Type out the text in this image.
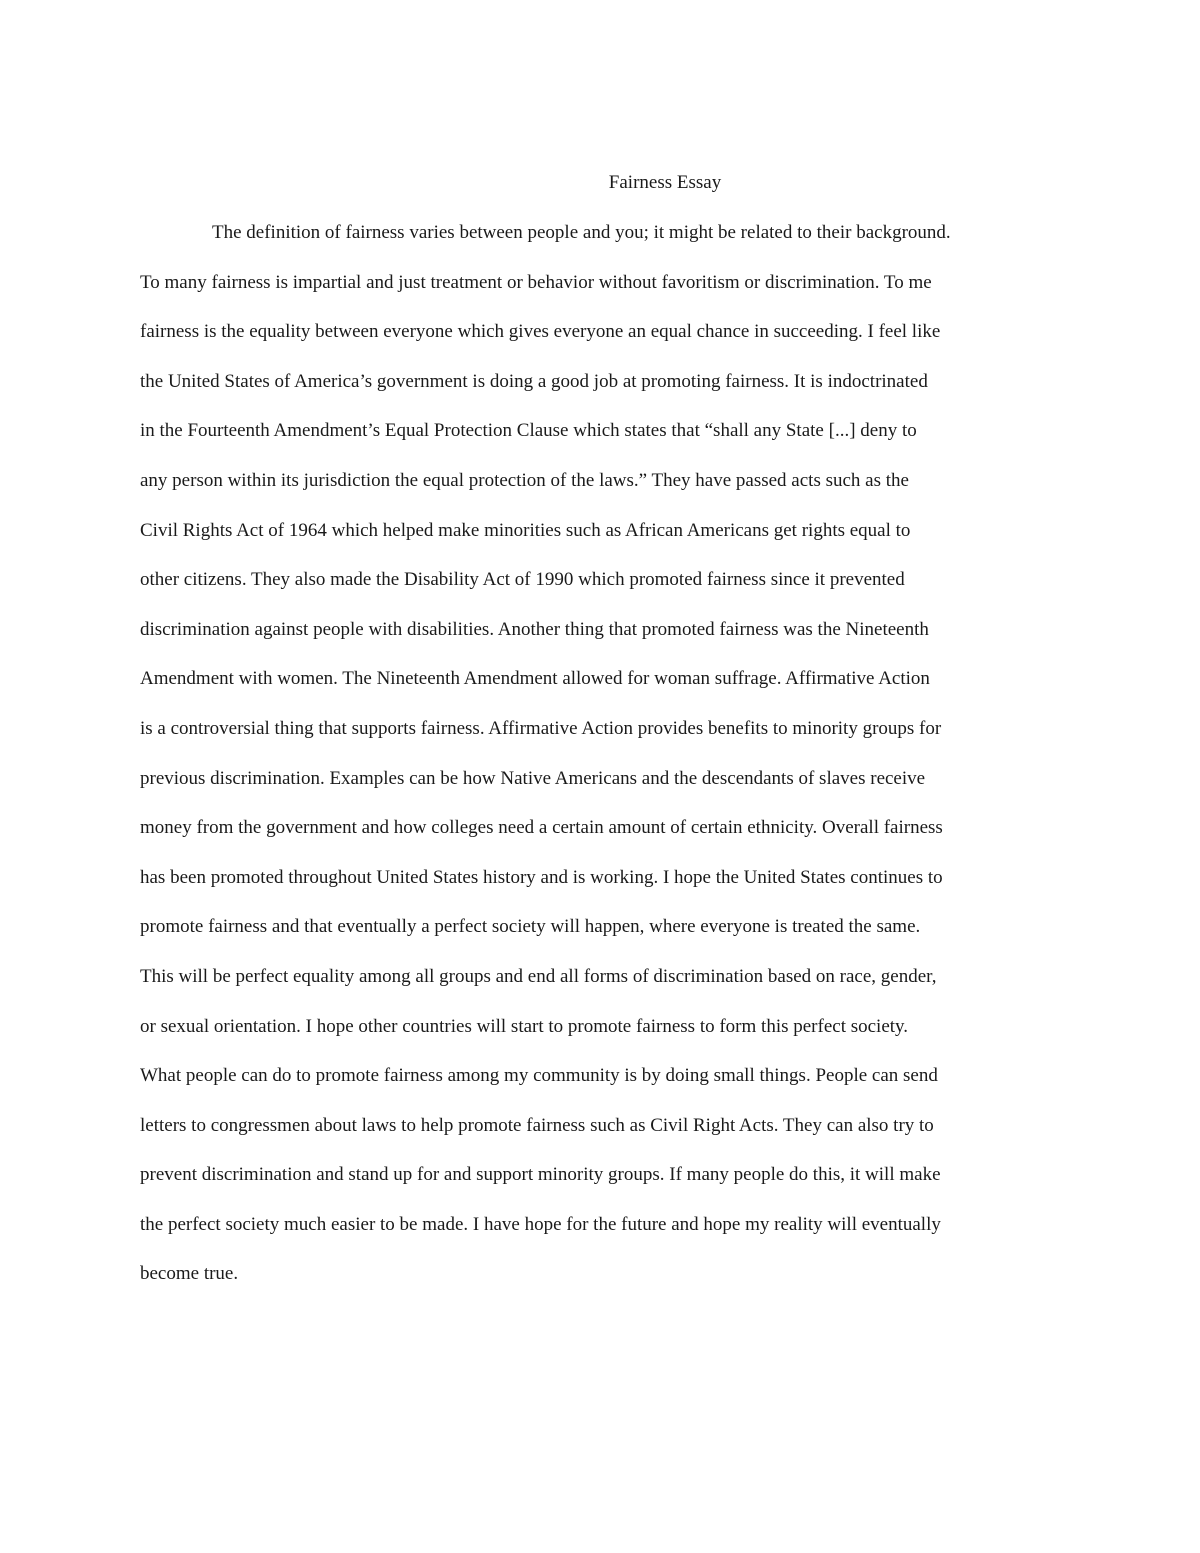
Fairness Essay
The definition of fairness varies between people and you; it might be related to their background.
To many fairness is impartial and just treatment or behavior without favoritism or discrimination. To me
fairness is the equality between everyone which gives everyone an equal chance in succeeding. I feel like
the United States of America’s government is doing a good job at promoting fairness. It is indoctrinated
in the Fourteenth Amendment’s Equal Protection Clause which states that “shall any State [...] deny to
any person within its jurisdiction the equal protection of the laws.” They have passed acts such as the
Civil Rights Act of 1964 which helped make minorities such as African Americans get rights equal to
other citizens. They also made the Disability Act of 1990 which promoted fairness since it prevented
discrimination against people with disabilities. Another thing that promoted fairness was the Nineteenth
Amendment with women. The Nineteenth Amendment allowed for woman suffrage. Affirmative Action
is a controversial thing that supports fairness. Affirmative Action provides benefits to minority groups for
previous discrimination. Examples can be how Native Americans and the descendants of slaves receive
money from the government and how colleges need a certain amount of certain ethnicity. Overall fairness
has been promoted throughout United States history and is working. I hope the United States continues to
promote fairness and that eventually a perfect society will happen, where everyone is treated the same.
This will be perfect equality among all groups and end all forms of discrimination based on race, gender,
or sexual orientation. I hope other countries will start to promote fairness to form this perfect society.
What people can do to promote fairness among my community is by doing small things. People can send
letters to congressmen about laws to help promote fairness such as Civil Right Acts. They can also try to
prevent discrimination and stand up for and support minority groups. If many people do this, it will make
the perfect society much easier to be made. I have hope for the future and hope my reality will eventually
become true.
